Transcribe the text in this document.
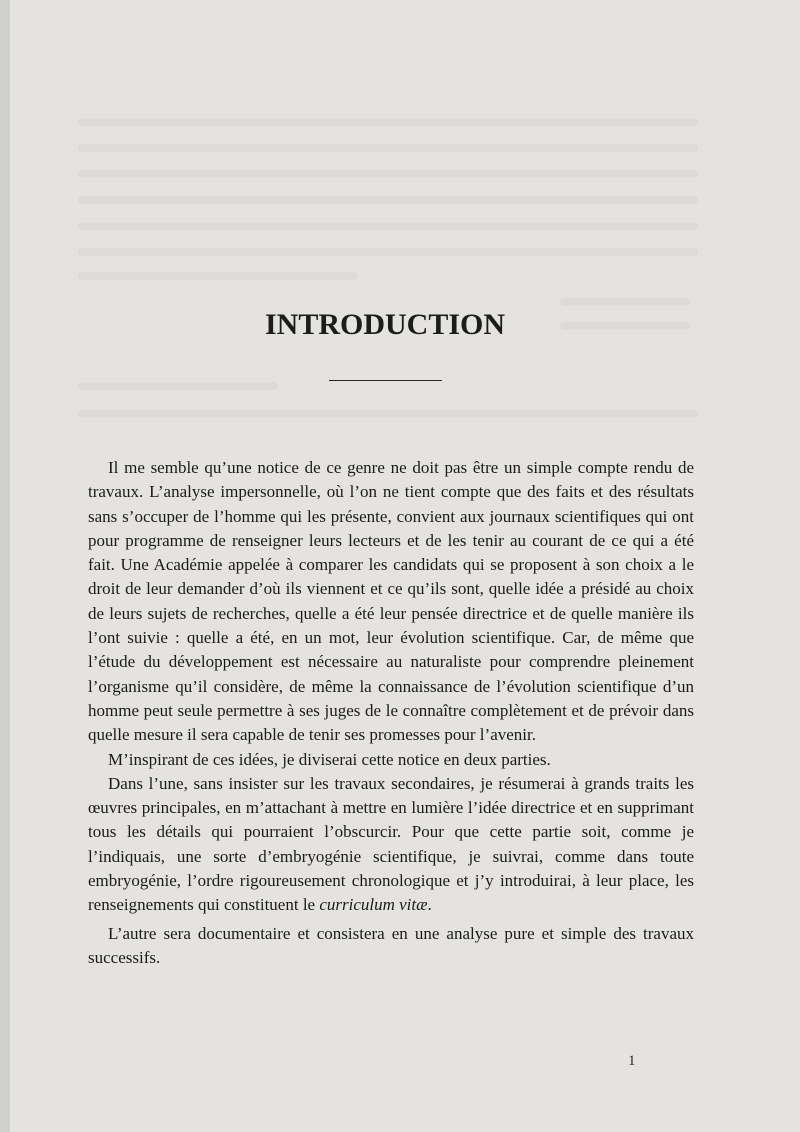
INTRODUCTION

Il me semble qu’une notice de ce genre ne doit pas être un simple compte rendu de travaux. L’analyse impersonnelle, où l’on ne tient compte que des faits et des résultats sans s’occuper de l’homme qui les présente, convient aux journaux scientifiques qui ont pour programme de renseigner leurs lecteurs et de les tenir au courant de ce qui a été fait. Une Académie appelée à comparer les candidats qui se proposent à son choix a le droit de leur demander d’où ils viennent et ce qu’ils sont, quelle idée a présidé au choix de leurs sujets de recherches, quelle a été leur pensée directrice et de quelle manière ils l’ont suivie : quelle a été, en un mot, leur évolution scientifique. Car, de même que l’étude du développement est nécessaire au naturaliste pour comprendre pleinement l’organisme qu’il considère, de même la connaissance de l’évolution scientifique d’un homme peut seule permettre à ses juges de le connaître complètement et de prévoir dans quelle mesure il sera capable de tenir ses promesses pour l’avenir.

M’inspirant de ces idées, je diviserai cette notice en deux parties.

Dans l’une, sans insister sur les travaux secondaires, je résumerai à grands traits les œuvres principales, en m’attachant à mettre en lumière l’idée directrice et en supprimant tous les détails qui pourraient l’obscurcir. Pour que cette partie soit, comme je l’indiquais, une sorte d’embryogénie scientifique, je suivrai, comme dans toute embryogénie, l’ordre rigoureusement chronologique et j’y introduirai, à leur place, les renseignements qui constituent le curriculum vitæ.

L’autre sera documentaire et consistera en une analyse pure et simple des travaux successifs.

1
